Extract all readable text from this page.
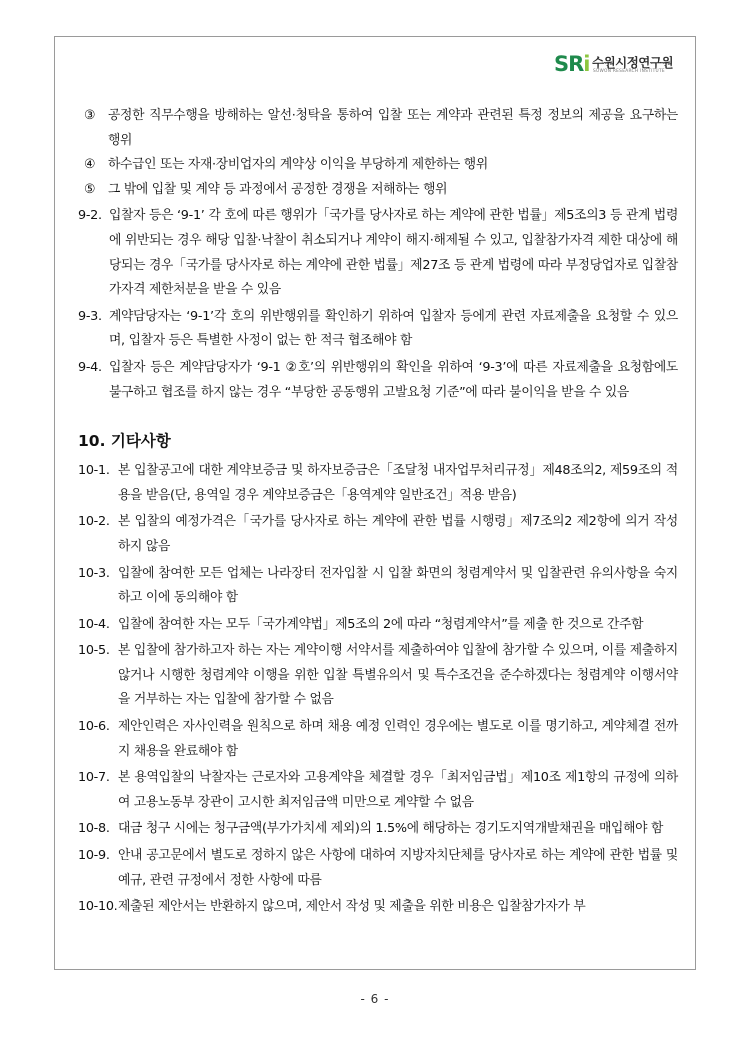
SRi 수원시정연구원
SUWON RESEARCH INSTITUTE
③ 공정한 직무수행을 방해하는 알선·청탁을 통하여 입찰 또는 계약과 관련된 특정 정보의 제공을 요구하는 행위
④ 하수급인 또는 자재·장비업자의 계약상 이익을 부당하게 제한하는 행위
⑤ 그 밖에 입찰 및 계약 등 과정에서 공정한 경쟁을 저해하는 행위
9-2. 입찰자 등은 ‘9-1’ 각 호에 따른 행위가「국가를 당사자로 하는 계약에 관한 법률」제5조의3 등 관계 법령에 위반되는 경우 해당 입찰·낙찰이 취소되거나 계약이 해지·해제될 수 있고, 입찰참가자격 제한 대상에 해당되는 경우「국가를 당사자로 하는 계약에 관한 법률」제27조 등 관계 법령에 따라 부정당업자로 입찰참가자격 제한처분을 받을 수 있음
9-3. 계약담당자는 ‘9-1’각 호의 위반행위를 확인하기 위하여 입찰자 등에게 관련 자료제출을 요청할 수 있으며, 입찰자 등은 특별한 사정이 없는 한 적극 협조해야 함
9-4. 입찰자 등은 계약담당자가 ‘9-1 ②호’의 위반행위의 확인을 위하여 ‘9-3’에 따른 자료제출을 요청함에도 불구하고 협조를 하지 않는 경우 “부당한 공동행위 고발요청 기준”에 따라 불이익을 받을 수 있음
10. 기타사항
10-1. 본 입찰공고에 대한 계약보증금 및 하자보증금은「조달청 내자업무처리규정」제48조의2, 제59조의 적용을 받음(단, 용역일 경우 계약보증금은「용역계약 일반조건」적용 받음)
10-2. 본 입찰의 예정가격은「국가를 당사자로 하는 계약에 관한 법률 시행령」제7조의2 제2항에 의거 작성하지 않음
10-3. 입찰에 참여한 모든 업체는 나라장터 전자입찰 시 입찰 화면의 청렴계약서 및 입찰관련 유의사항을 숙지하고 이에 동의해야 함
10-4. 입찰에 참여한 자는 모두「국가계약법」제5조의 2에 따라 “청렴계약서”를 제출 한 것으로 간주함
10-5. 본 입찰에 참가하고자 하는 자는 계약이행 서약서를 제출하여야 입찰에 참가할 수 있으며, 이를 제출하지 않거나 시행한 청렴계약 이행을 위한 입찰 특별유의서 및 특수조건을 준수하겠다는 청렴계약 이행서약을 거부하는 자는 입찰에 참가할 수 없음
10-6. 제안인력은 자사인력을 원칙으로 하며 채용 예정 인력인 경우에는 별도로 이를 명기하고, 계약체결 전까지 채용을 완료해야 함
10-7. 본 용역입찰의 낙찰자는 근로자와 고용계약을 체결할 경우「최저임금법」제10조 제1항의 규정에 의하여 고용노동부 장관이 고시한 최저임금액 미만으로 계약할 수 없음
10-8. 대금 청구 시에는 청구금액(부가가치세 제외)의 1.5%에 해당하는 경기도지역개발채권을 매입해야 함
10-9. 안내 공고문에서 별도로 정하지 않은 사항에 대하여 지방자치단체를 당사자로 하는 계약에 관한 법률 및 예규, 관련 규정에서 정한 사항에 따름
10-10. 제출된 제안서는 반환하지 않으며, 제안서 작성 및 제출을 위한 비용은 입찰참가자가 부
- 6 -
